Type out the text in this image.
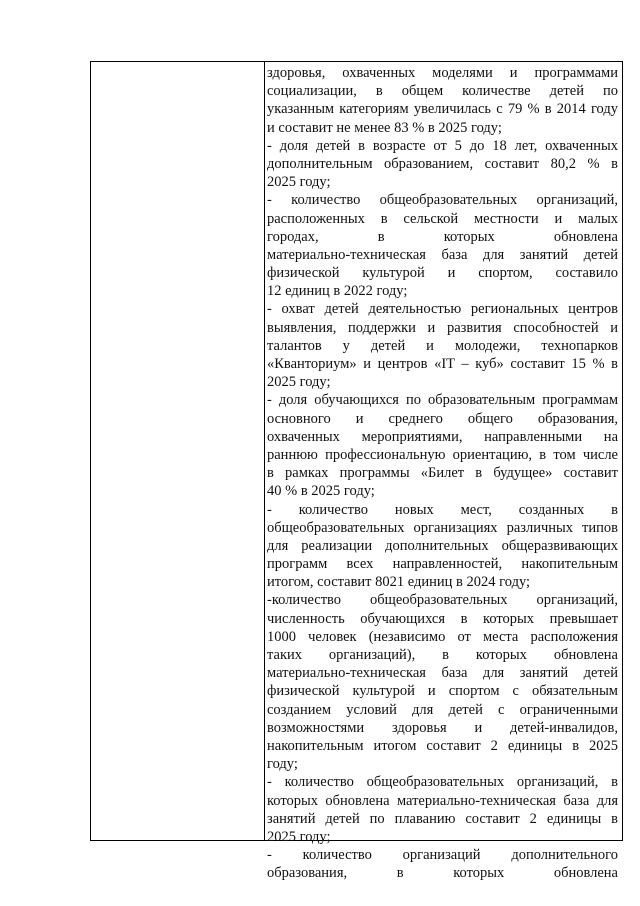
здоровья, охваченных моделями и программами
социализации, в общем количестве детей по
указанным категориям увеличилась с 79 % в 2014 году
и составит не менее 83 % в 2025 году;
- доля детей в возрасте от 5 до 18 лет, охваченных
дополнительным образованием, составит 80,2 % в
2025 году;
- количество общеобразовательных организаций,
расположенных в сельской местности и малых
городах, в которых обновлена
материально-техническая база для занятий детей
физической культурой и спортом, составило
12 единиц в 2022 году;
- охват детей деятельностью региональных центров
выявления, поддержки и развития способностей и
талантов у детей и молодежи, технопарков
«Кванториум» и центров «IT – куб» составит 15 % в
2025 году;
- доля обучающихся по образовательным программам
основного и среднего общего образования,
охваченных мероприятиями, направленными на
раннюю профессиональную ориентацию, в том числе
в рамках программы «Билет в будущее» составит
40 % в 2025 году;
- количество новых мест, созданных в
общеобразовательных организациях различных типов
для реализации дополнительных общеразвивающих
программ всех направленностей, накопительным
итогом, составит 8021 единиц в 2024 году;
-количество общеобразовательных организаций,
численность обучающихся в которых превышает
1000 человек (независимо от места расположения
таких организаций), в которых обновлена
материально-техническая база для занятий детей
физической культурой и спортом с обязательным
созданием условий для детей с ограниченными
возможностями здоровья и детей-инвалидов,
накопительным итогом составит 2 единицы в 2025
году;
- количество общеобразовательных организаций, в
которых обновлена материально-техническая база для
занятий детей по плаванию составит 2 единицы в
2025 году;
- количество организаций дополнительного
образования, в которых обновлена
